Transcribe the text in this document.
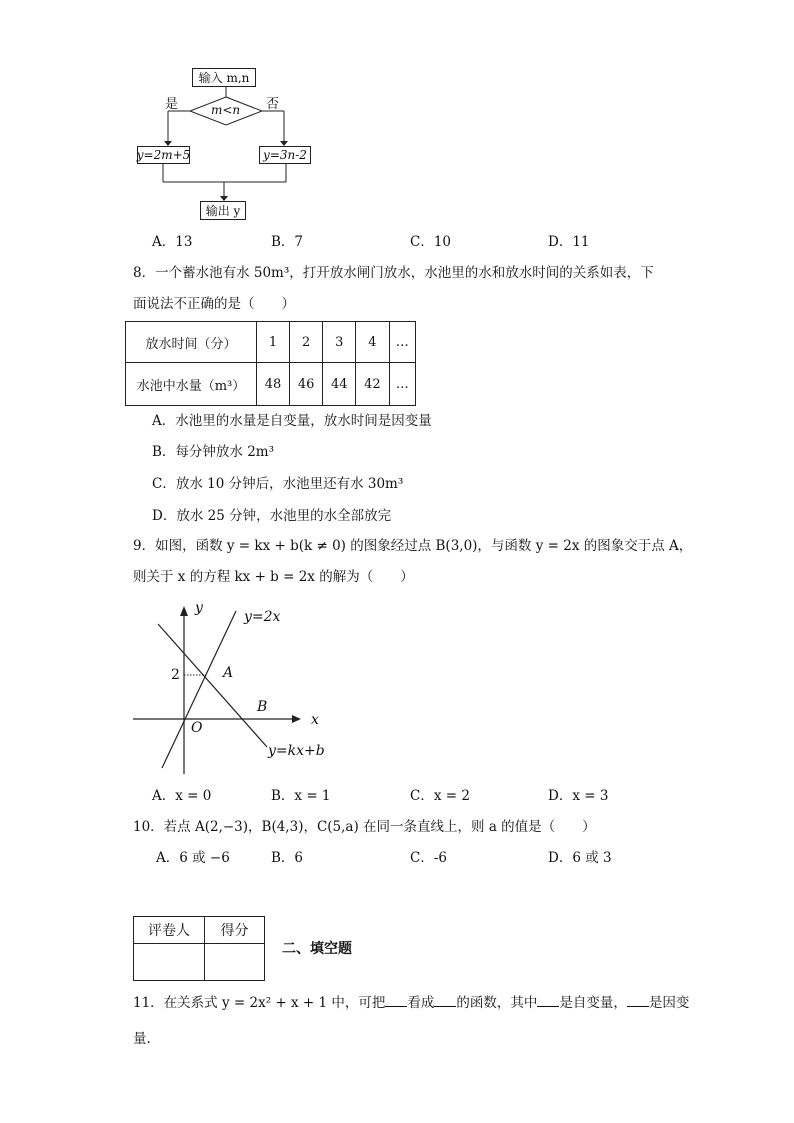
输入 m,n
m<n
是	否
y=2m+5	y=3n-2
输出 y
A．13	B．7	C．10	D．11
8．一个蓄水池有水 50m³，打开放水闸门放水，水池里的水和放水时间的关系如表，下
面说法不正确的是（　　）
放水时间（分）	1	2	3	4	…
水池中水量（m³）	48	46	44	42	…
A．水池里的水量是自变量，放水时间是因变量
B．每分钟放水 2m³
C．放水 10 分钟后，水池里还有水 30m³
D．放水 25 分钟，水池里的水全部放完
9．如图，函数 y = kx + b(k ≠ 0) 的图象经过点 B(3,0)，与函数 y = 2x 的图象交于点 A，
则关于 x 的方程 kx + b = 2x 的解为（　　）
y
x
O
2	A
B
y=2x
y=kx+b
A．x = 0	B．x = 1	C．x = 2	D．x = 3
10．若点 A(2,−3)，B(4,3)，C(5,a) 在同一条直线上，则 a 的值是（　　）
A．6 或 −6	B．6	C．-6	D．6 或 3
评卷人	得分

二、填空题
11．在关系式 y = 2x² + x + 1 中，可把 看成 的函数，其中 是自变量， 是因变
量.
